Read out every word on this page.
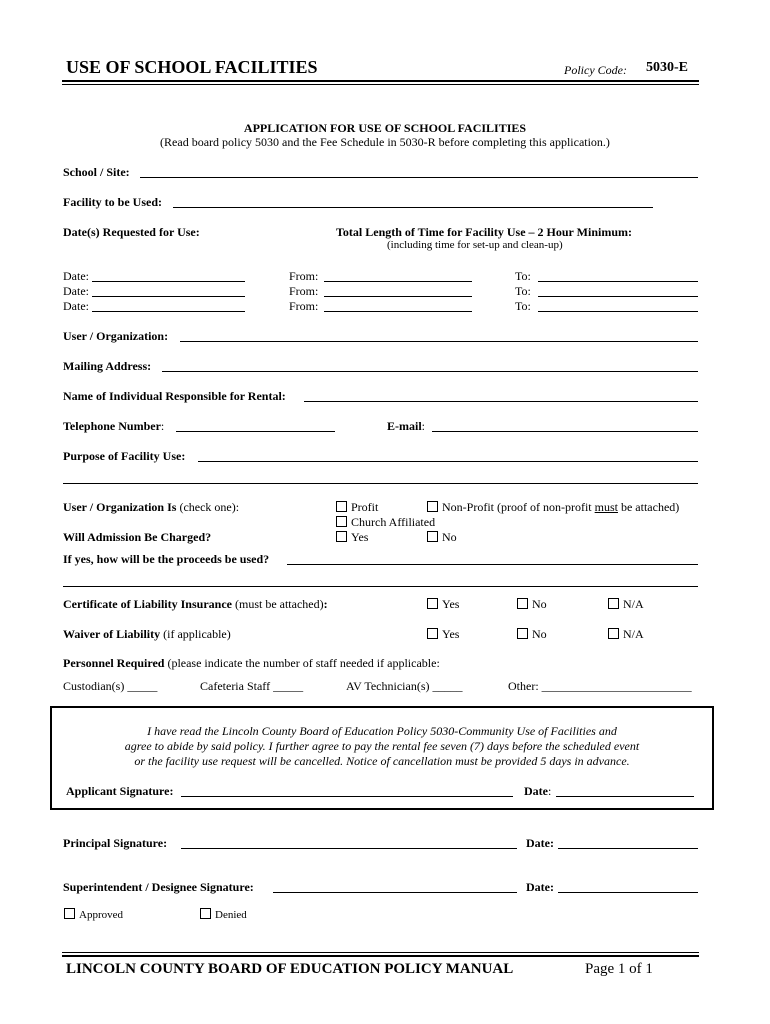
USE OF SCHOOL FACILITIES	Policy Code: 5030-E
APPLICATION FOR USE OF SCHOOL FACILITIES
(Read board policy 5030 and the Fee Schedule in 5030-R before completing this application.)
School / Site:
Facility to be Used:
Date(s) Requested for Use:	Total Length of Time for Facility Use – 2 Hour Minimum:
(including time for set-up and clean-up)
Date:	From:	To:
Date:	From:	To:
Date:	From:	To:
User / Organization:
Mailing Address:
Name of Individual Responsible for Rental:
Telephone Number:	E-mail:
Purpose of Facility Use:
User / Organization Is (check one):	Profit	Non-Profit (proof of non-profit must be attached)
Church Affiliated
Will Admission Be Charged?	Yes	No
If yes, how will be the proceeds be used?
Certificate of Liability Insurance (must be attached):	Yes	No	N/A
Waiver of Liability (if applicable)	Yes	No	N/A
Personnel Required (please indicate the number of staff needed if applicable:
Custodian(s) _____	Cafeteria Staff _____	AV Technician(s) _____	Other: _________________________
I have read the Lincoln County Board of Education Policy 5030-Community Use of Facilities and
agree to abide by said policy. I further agree to pay the rental fee seven (7) days before the scheduled event
or the facility use request will be cancelled. Notice of cancellation must be provided 5 days in advance.
Applicant Signature:	Date:
Principal Signature:	Date:
Superintendent / Designee Signature:	Date:
Approved	Denied
LINCOLN COUNTY BOARD OF EDUCATION POLICY MANUAL	Page 1 of 1
